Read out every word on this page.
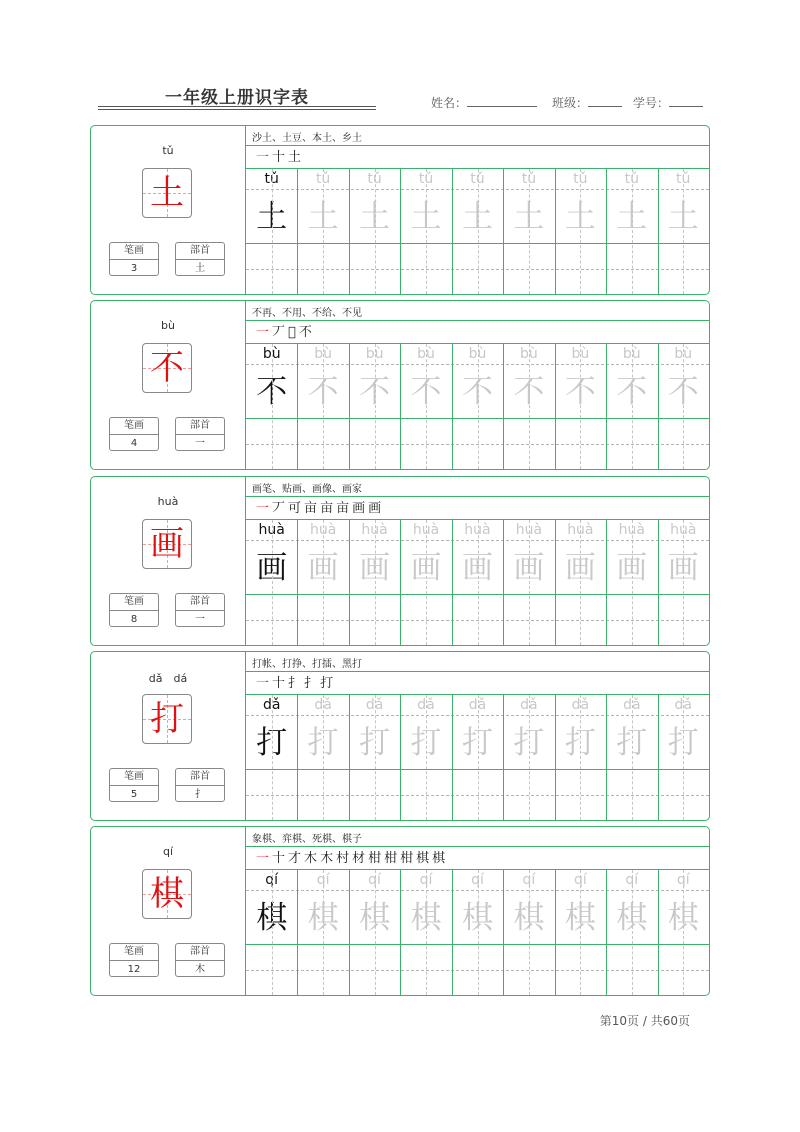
一年级上册识字表	姓名：	班级：	学号：
tǔ
土
笔画
3
部首
土
沙土、土豆、本土、乡土
一 十 土
tǔ
土
tǔ
土
tǔ
土
tǔ
土
tǔ
土
tǔ
土
tǔ
土
tǔ
土
tǔ
土
bù
不
笔画
4
部首
一
不再、不用、不给、不见
一 丆 𠀆 不
bù
不
bù
不
bù
不
bù
不
bù
不
bù
不
bù
不
bù
不
bù
不
huà
画
笔画
8
部首
一
画笔、贴画、画像、画家
一 丆 可 亩 亩 亩 画 画
huà
画
huà
画
huà
画
huà
画
huà
画
huà
画
huà
画
huà
画
huà
画
dǎ　dá
打
笔画
5
部首
扌
打帐、打挣、打擂、黑打
一 十 扌 扌 打
dǎ
打
dǎ
打
dǎ
打
dǎ
打
dǎ
打
dǎ
打
dǎ
打
dǎ
打
dǎ
打
qí
棋
笔画
12
部首
木
象棋、弈棋、死棋、棋子
一 十 才 木 木 村 材 柑 柑 柑 棋 棋
qí
棋
qí
棋
qí
棋
qí
棋
qí
棋
qí
棋
qí
棋
qí
棋
qí
棋
第10页 / 共60页
